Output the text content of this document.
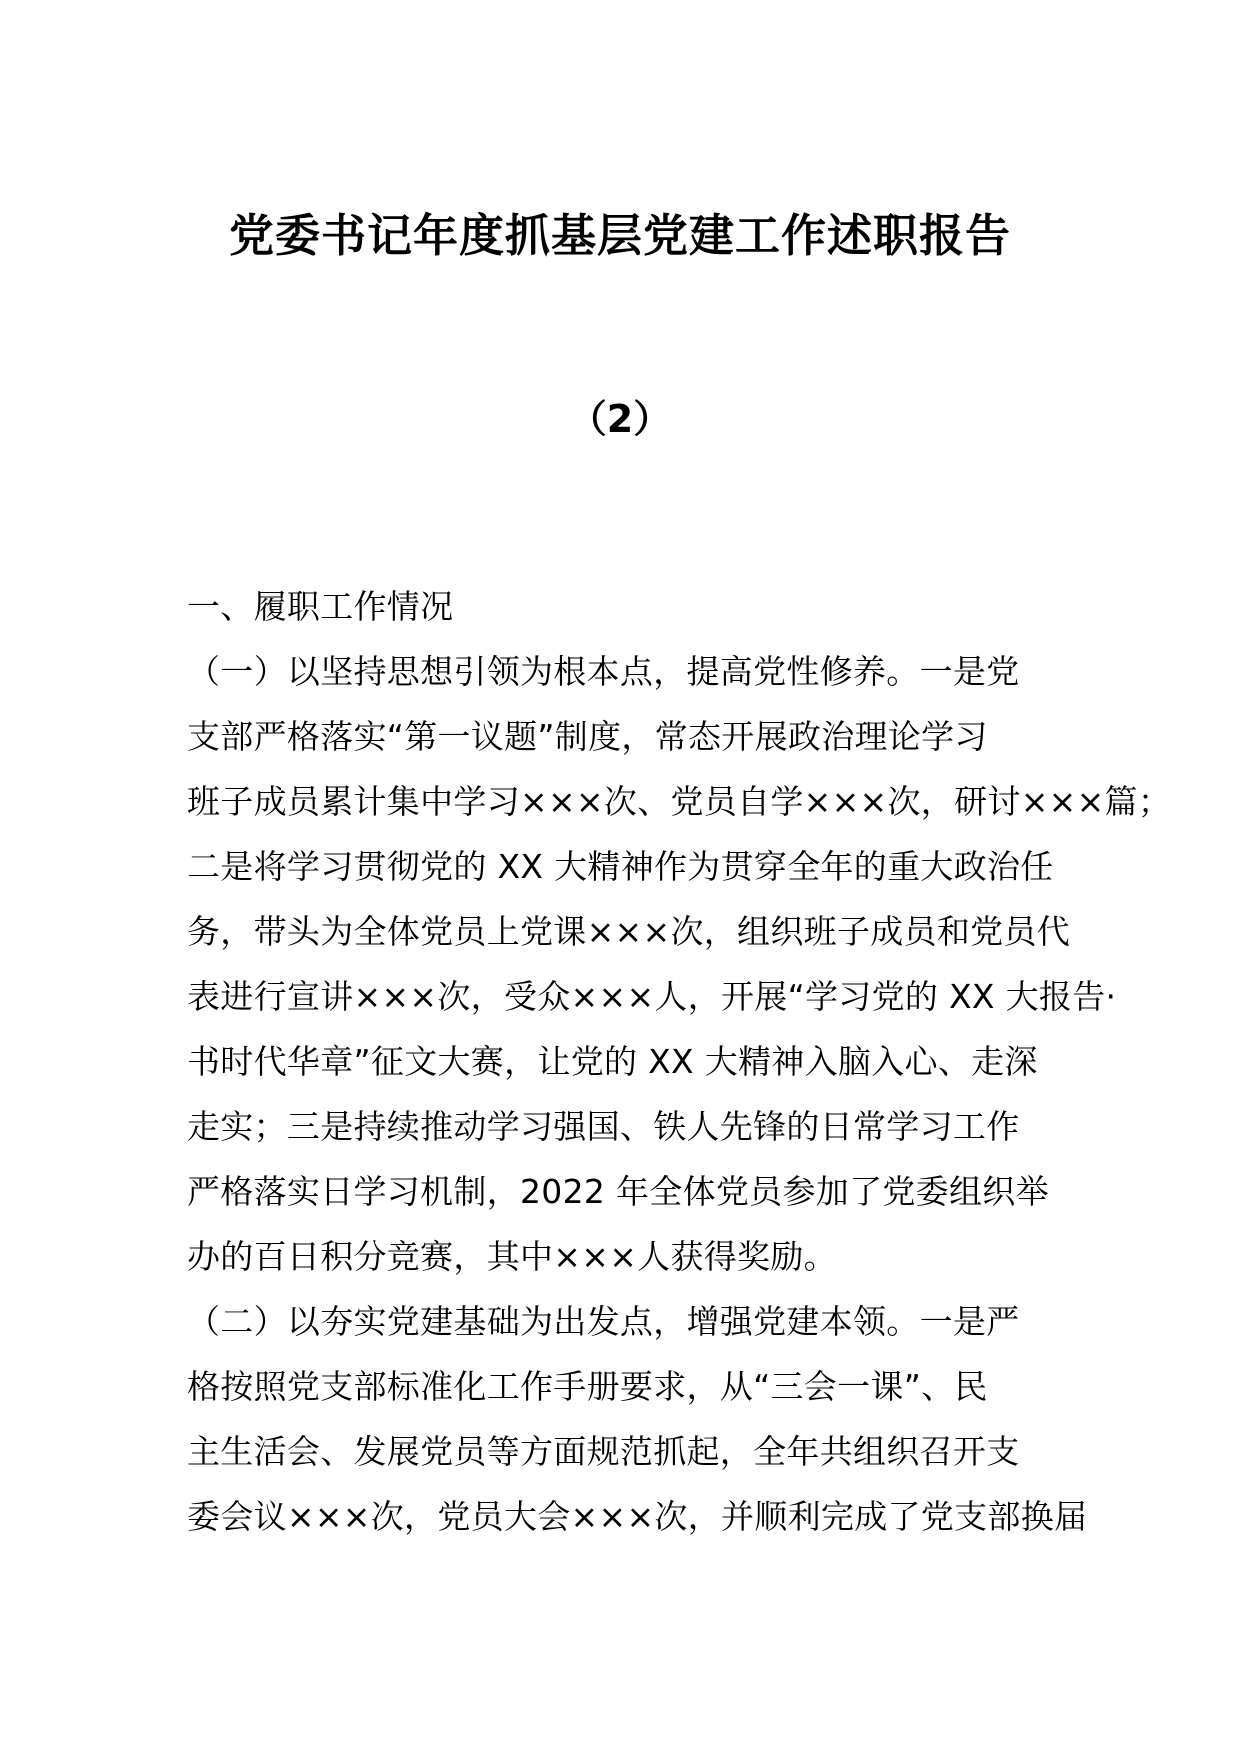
党委书记年度抓基层党建工作述职报告
（2）
一、履职工作情况
（一）以坚持思想引领为根本点，提高党性修养。一是党
支部严格落实“第一议题”制度，常态开展政治理论学习
班子成员累计集中学习×××次、党员自学×××次，研讨×××篇；
二是将学习贯彻党的 XX 大精神作为贯穿全年的重大政治任
务，带头为全体党员上党课×××次，组织班子成员和党员代
表进行宣讲×××次，受众×××人，开展“学习党的 XX 大报告·
书时代华章”征文大赛，让党的 XX 大精神入脑入心、走深
走实；三是持续推动学习强国、铁人先锋的日常学习工作
严格落实日学习机制，2022 年全体党员参加了党委组织举
办的百日积分竞赛，其中×××人获得奖励。
（二）以夯实党建基础为出发点，增强党建本领。一是严
格按照党支部标准化工作手册要求，从“三会一课”、民
主生活会、发展党员等方面规范抓起，全年共组织召开支
委会议×××次，党员大会×××次，并顺利完成了党支部换届
